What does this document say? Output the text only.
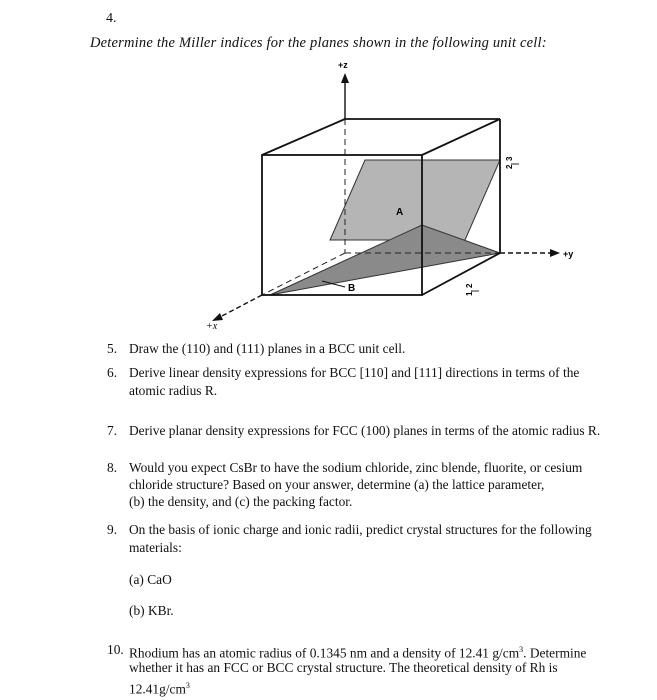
4.
Determine the Miller indices for the planes shown in the following unit cell:
+z
+y
+x
A
B
2
3
1
2
5. Draw the (110) and (111) planes in a BCC unit cell.
6. Derive linear density expressions for BCC [110] and [111] directions in terms of the
atomic radius R.
7. Derive planar density expressions for FCC (100) planes in terms of the atomic radius R.
8. Would you expect CsBr to have the sodium chloride, zinc blende, fluorite, or cesium
chloride structure? Based on your answer, determine (a) the lattice parameter,
(b) the density, and (c) the packing factor.
9. On the basis of ionic charge and ionic radii, predict crystal structures for the following
materials:
(a) CaO
(b) KBr.
10. Rhodium has an atomic radius of 0.1345 nm and a density of 12.41 $g/cm^3$. Determine
whether it has an FCC or BCC crystal structure. The theoretical density of Rh is
$12.41g/cm^3$
